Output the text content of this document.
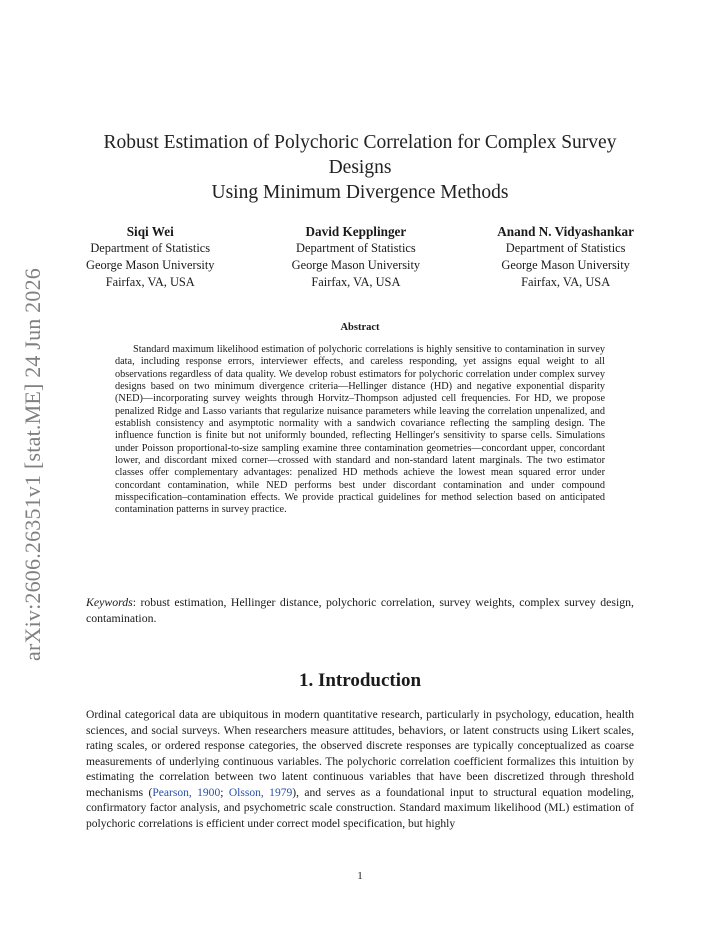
arXiv:2606.26351v1 [stat.ME] 24 Jun 2026
Robust Estimation of Polychoric Correlation for Complex Survey
Designs
Using Minimum Divergence Methods
Siqi Wei
Department of Statistics
George Mason University
Fairfax, VA, USA
David Kepplinger
Department of Statistics
George Mason University
Fairfax, VA, USA
Anand N. Vidyashankar
Department of Statistics
George Mason University
Fairfax, VA, USA
Abstract

Standard maximum likelihood estimation of polychoric correlations is highly sensitive to contamination in survey data, including response errors, interviewer effects, and careless responding, yet assigns equal weight to all observations regardless of data quality. We develop robust estimators for polychoric correlation under complex survey designs based on two minimum divergence criteria—Hellinger distance (HD) and negative exponential disparity (NED)—incorporating survey weights through Horvitz–Thompson adjusted cell frequencies. For HD, we propose penalized Ridge and Lasso variants that regularize nuisance parameters while leaving the correlation unpenalized, and establish consistency and asymptotic normality with a sandwich covariance reflecting the sampling design. The influence function is finite but not uniformly bounded, reflecting Hellinger's sensitivity to sparse cells. Simulations under Poisson proportional-to-size sampling examine three contamination geometries—concordant upper, concordant lower, and discordant mixed corner—crossed with standard and non-standard latent marginals. The two estimator classes offer complementary advantages: penalized HD methods achieve the lowest mean squared error under concordant contamination, while NED performs best under discordant contamination and under compound misspecification–contamination effects. We provide practical guidelines for method selection based on anticipated contamination patterns in survey practice.

Keywords: robust estimation, Hellinger distance, polychoric correlation, survey weights, complex survey design, contamination.

1. Introduction

Ordinal categorical data are ubiquitous in modern quantitative research, particularly in psychology, education, health sciences, and social surveys. When researchers measure attitudes, behaviors, or latent constructs using Likert scales, rating scales, or ordered response categories, the observed discrete responses are typically conceptualized as coarse measurements of underlying continuous variables. The polychoric correlation coefficient formalizes this intuition by estimating the correlation between two latent continuous variables that have been discretized through threshold mechanisms (Pearson, 1900; Olsson, 1979), and serves as a foundational input to structural equation modeling, confirmatory factor analysis, and psychometric scale construction. Standard maximum likelihood (ML) estimation of polychoric correlations is efficient under correct model specification, but highly

1
